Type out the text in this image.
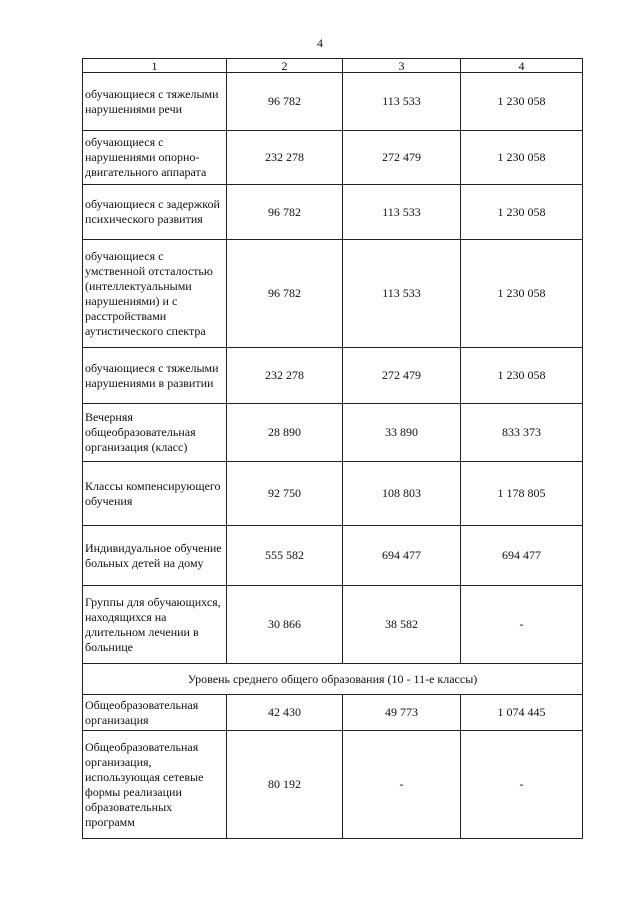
4
1	2	3	4
обучающиеся с тяжелыми нарушениями речи	96 782	113 533	1 230 058
обучающиеся с нарушениями опорно-двигательного аппарата	232 278	272 479	1 230 058
обучающиеся с задержкой психического развития	96 782	113 533	1 230 058
обучающиеся с умственной отсталостью (интеллектуальными нарушениями) и с расстройствами аутистического спектра	96 782	113 533	1 230 058
обучающиеся с тяжелыми нарушениями в развитии	232 278	272 479	1 230 058
Вечерняя общеобразовательная организация (класс)	28 890	33 890	833 373
Классы компенсирующего обучения	92 750	108 803	1 178 805
Индивидуальное обучение больных детей на дому	555 582	694 477	694 477
Группы для обучающихся, находящихся на длительном лечении в больнице	30 866	38 582	-
Уровень среднего общего образования (10 - 11-е классы)			
Общеобразовательная организация	42 430	49 773	1 074 445
Общеобразовательная организация, использующая сетевые формы реализации образовательных программ	80 192	-	-
